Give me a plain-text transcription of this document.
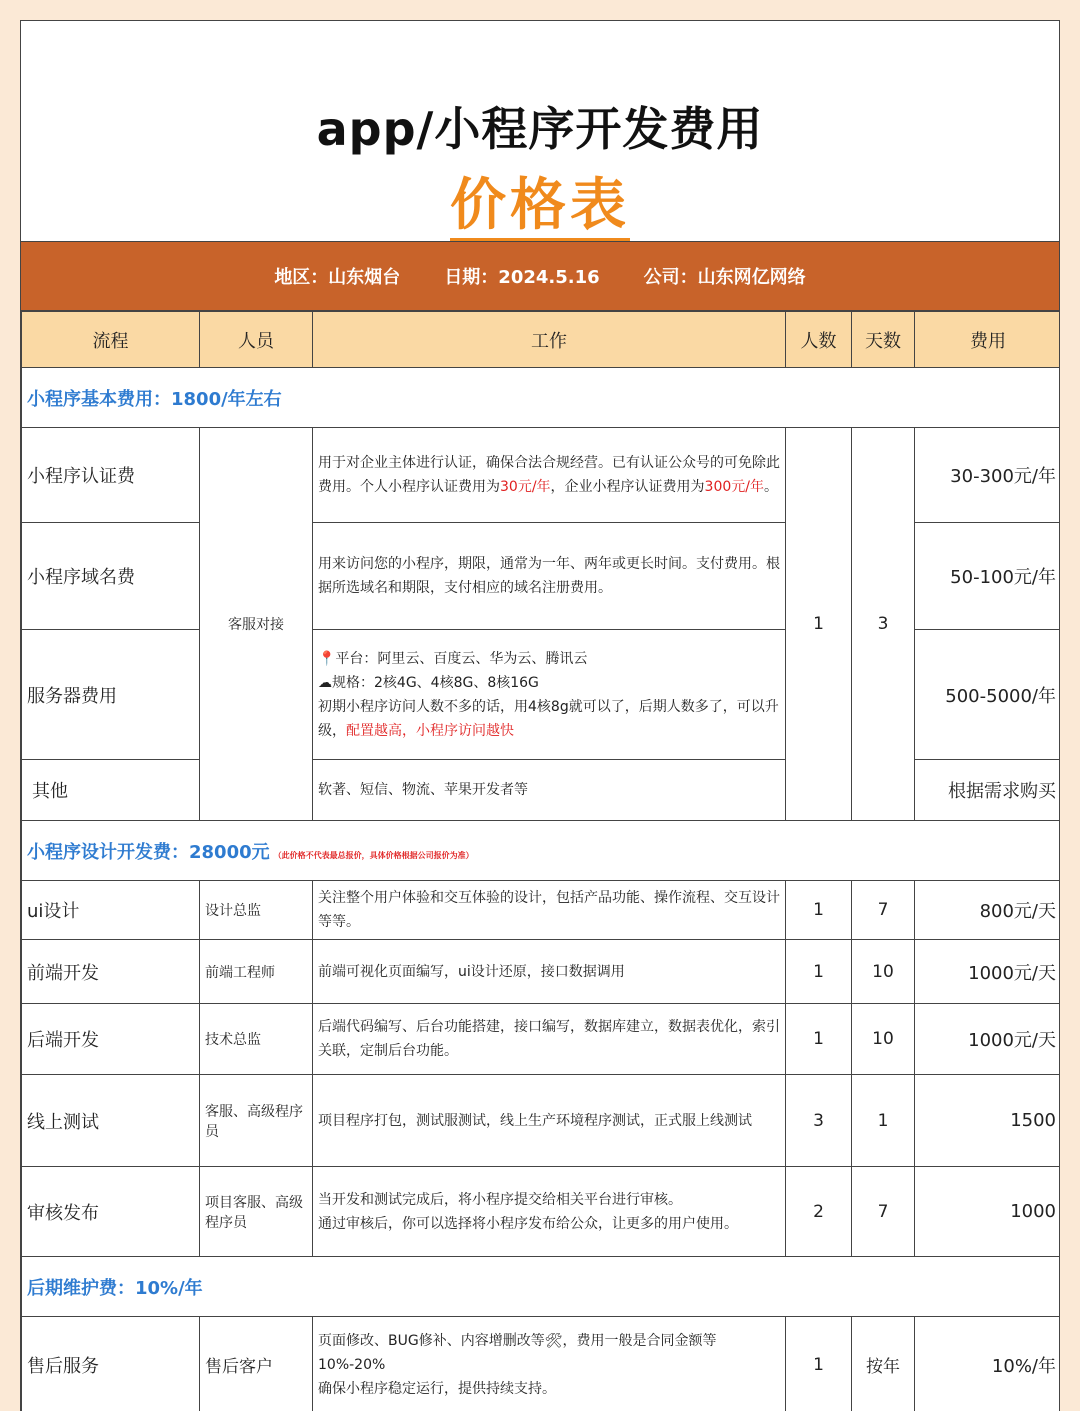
app/小程序开发费用
价格表
地区：山东烟台 日期：2024.5.16 公司：山东网亿网络
流程	人员	工作	人数	天数	费用
小程序基本费用：1800/年左右					
小程序认证费	客服对接	用于对企业主体进行认证，确保合法合规经营。已有认证公众号的可免除此费用。个人小程序认证费用为30元/年，企业小程序认证费用为300元/年。	1	3	30-300元/年
小程序域名费		用来访问您的小程序，期限，通常为一年、两年或更长时间。支付费用。根据所选域名和期限，支付相应的域名注册费用。			50-100元/年
服务器费用		📍平台：阿里云、百度云、华为云、腾讯云
☁规格：2核4G、4核8G、8核16G
初期小程序访问人数不多的话，用4核8g就可以了，后期人数多了，可以升级，配置越高，小程序访问越快			500-5000/年
其他		软著、短信、物流、苹果开发者等			根据需求购买
小程序设计开发费：28000元 （此价格不代表最总报价，具体价格根据公司报价为准）					
ui设计	设计总监	关注整个用户体验和交互体验的设计，包括产品功能、操作流程、交互设计等等。	1	7	800元/天
前端开发	前端工程师	前端可视化页面编写，ui设计还原，接口数据调用	1	10	1000元/天
后端开发	技术总监	后端代码编写、后台功能搭建，接口编写，数据库建立，数据表优化，索引关联，定制后台功能。	1	10	1000元/天
线上测试	客服、高级程序员	项目程序打包，测试服测试，线上生产环境程序测试，正式服上线测试	3	1	1500
审核发布	项目客服、高级程序员	当开发和测试完成后，将小程序提交给相关平台进行审核。
通过审核后，你可以选择将小程序发布给公众，让更多的用户使用。	2	7	1000
后期维护费：10%/年					
售后服务	售后客户	页面修改、BUG修补、内容增删改等🛠，费用一般是合同金额等10%-20%
确保小程序稳定运行，提供持续支持。	1	按年	10%/年
